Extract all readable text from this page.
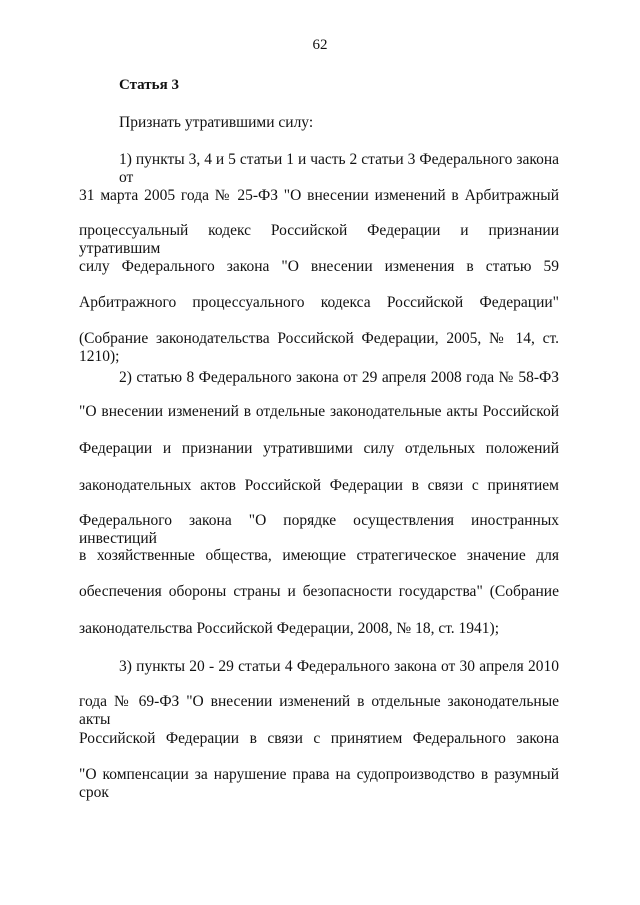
62
Статья 3
Признать утратившими силу:
1) пункты 3, 4 и 5 статьи 1 и часть 2 статьи 3 Федерального закона от
31 марта 2005 года № 25-ФЗ "О внесении изменений в Арбитражный
процессуальный кодекс Российской Федерации и признании утратившим
силу Федерального закона "О внесении изменения в статью 59
Арбитражного процессуального кодекса Российской Федерации"
(Собрание законодательства Российской Федерации, 2005, № 14, ст. 1210);
2) статью 8 Федерального закона от 29 апреля 2008 года № 58-ФЗ
"О внесении изменений в отдельные законодательные акты Российской
Федерации и признании утратившими силу отдельных положений
законодательных актов Российской Федерации в связи с принятием
Федерального закона "О порядке осуществления иностранных инвестиций
в хозяйственные общества, имеющие стратегическое значение для
обеспечения обороны страны и безопасности государства" (Собрание
законодательства Российской Федерации, 2008, № 18, ст. 1941);
3) пункты 20 - 29 статьи 4 Федерального закона от 30 апреля 2010
года № 69-ФЗ "О внесении изменений в отдельные законодательные акты
Российской Федерации в связи с принятием Федерального закона
"О компенсации за нарушение права на судопроизводство в разумный срок
